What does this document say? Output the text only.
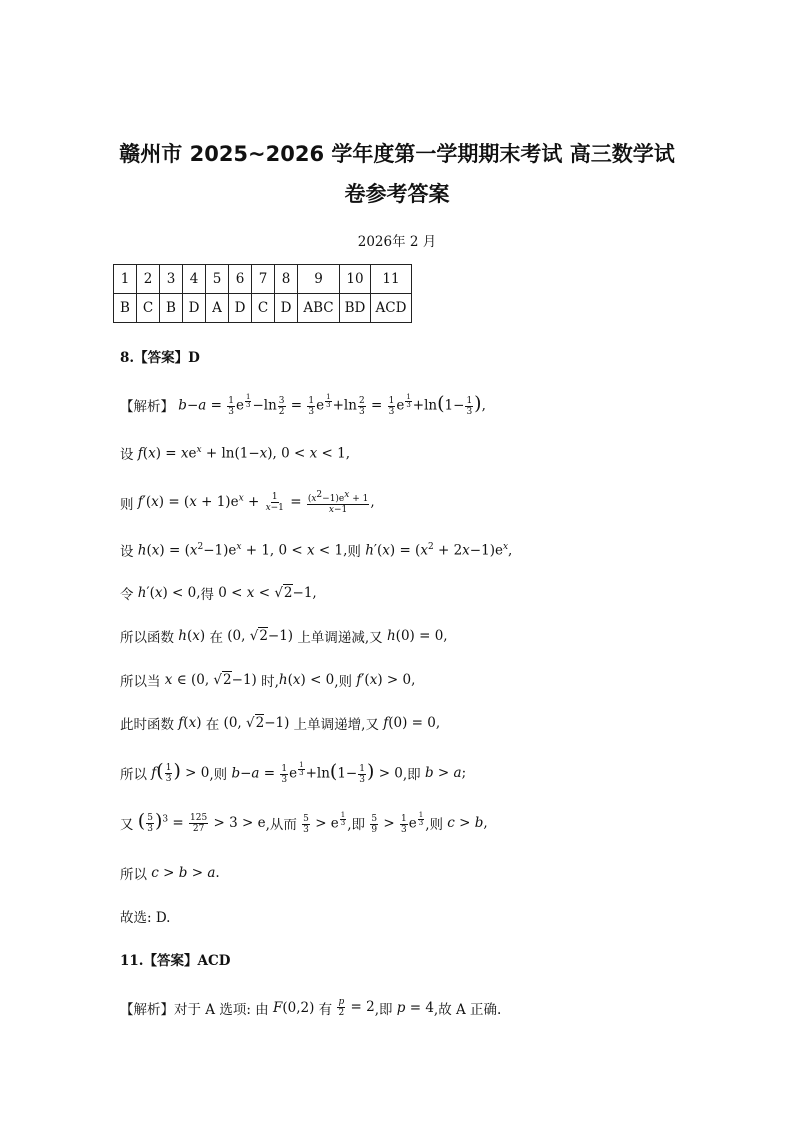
赣州市 2025~2026 学年度第一学期期末考试 高三数学试
卷参考答案
2026年 2 月
1	2	3	4	5	6	7	8	9	10	11
B	C	B	D	A	D	C	D	ABC	BD	ACD
8.【答案】D
【解析】 $b-a = \frac{1}{3}$ e $^{\frac{1}{3}} -\ln \frac{3}{2} = \frac{1}{3}$ e $^{\frac{1}{3}} +\ln \frac{2}{3} = \frac{1}{3}$ e $^{\frac{1}{3}} +\ln(1- \frac{1}{3}$ ),
设 $f(x) = xe^x + \ln(1-x)$, 0 < x < 1,
则 $f'(x) = (x + 1)e^x + \frac{1}{x-1} = \frac{(x^2-1)e^x + 1}{x-1}$ ,
设 $h(x) = (x^2-1)e^x + 1$, 0 < x < 1, 则 $h'(x) = (x^2 + 2x-1)e^x$,
令 h′(x) < 0, 得 0 < x < √2−1,
所以函数 h(x) 在 (0, √2−1) 上单调递减,又 h(0) = 0,
所以当 x ∈ (0, √2−1) 时, h(x) < 0 ,则 f′(x) > 0,
此时函数 f(x) 在 (0, √2−1) 上单调递增,又 f(0) = 0,
所以 $f( \frac{1}{3}$ ) > 0 ,则 $b-a = \frac{1}{3}$ e $^{\frac{1}{3}} +\ln(1- \frac{1}{3}$ ) > 0 ,即 b > a;
又 ( $\frac{5}{3} )^3 = \frac{125}{27} > 3 > e$ ,从而
$\frac{5}{3} > e$ $^{\frac{1}{3}}$ ,即
$\frac{5}{9} > \frac{1}{3}$ e $^{\frac{1}{3}}$ ,则 c > b,
所以 c > b > a.
故选: D.
11.【答案】ACD
【解析】 对于 A 选项: 由 F(0,2) 有
$\frac{p}{2} = 2$ ,即 p = 4 ,故 A 正确.
